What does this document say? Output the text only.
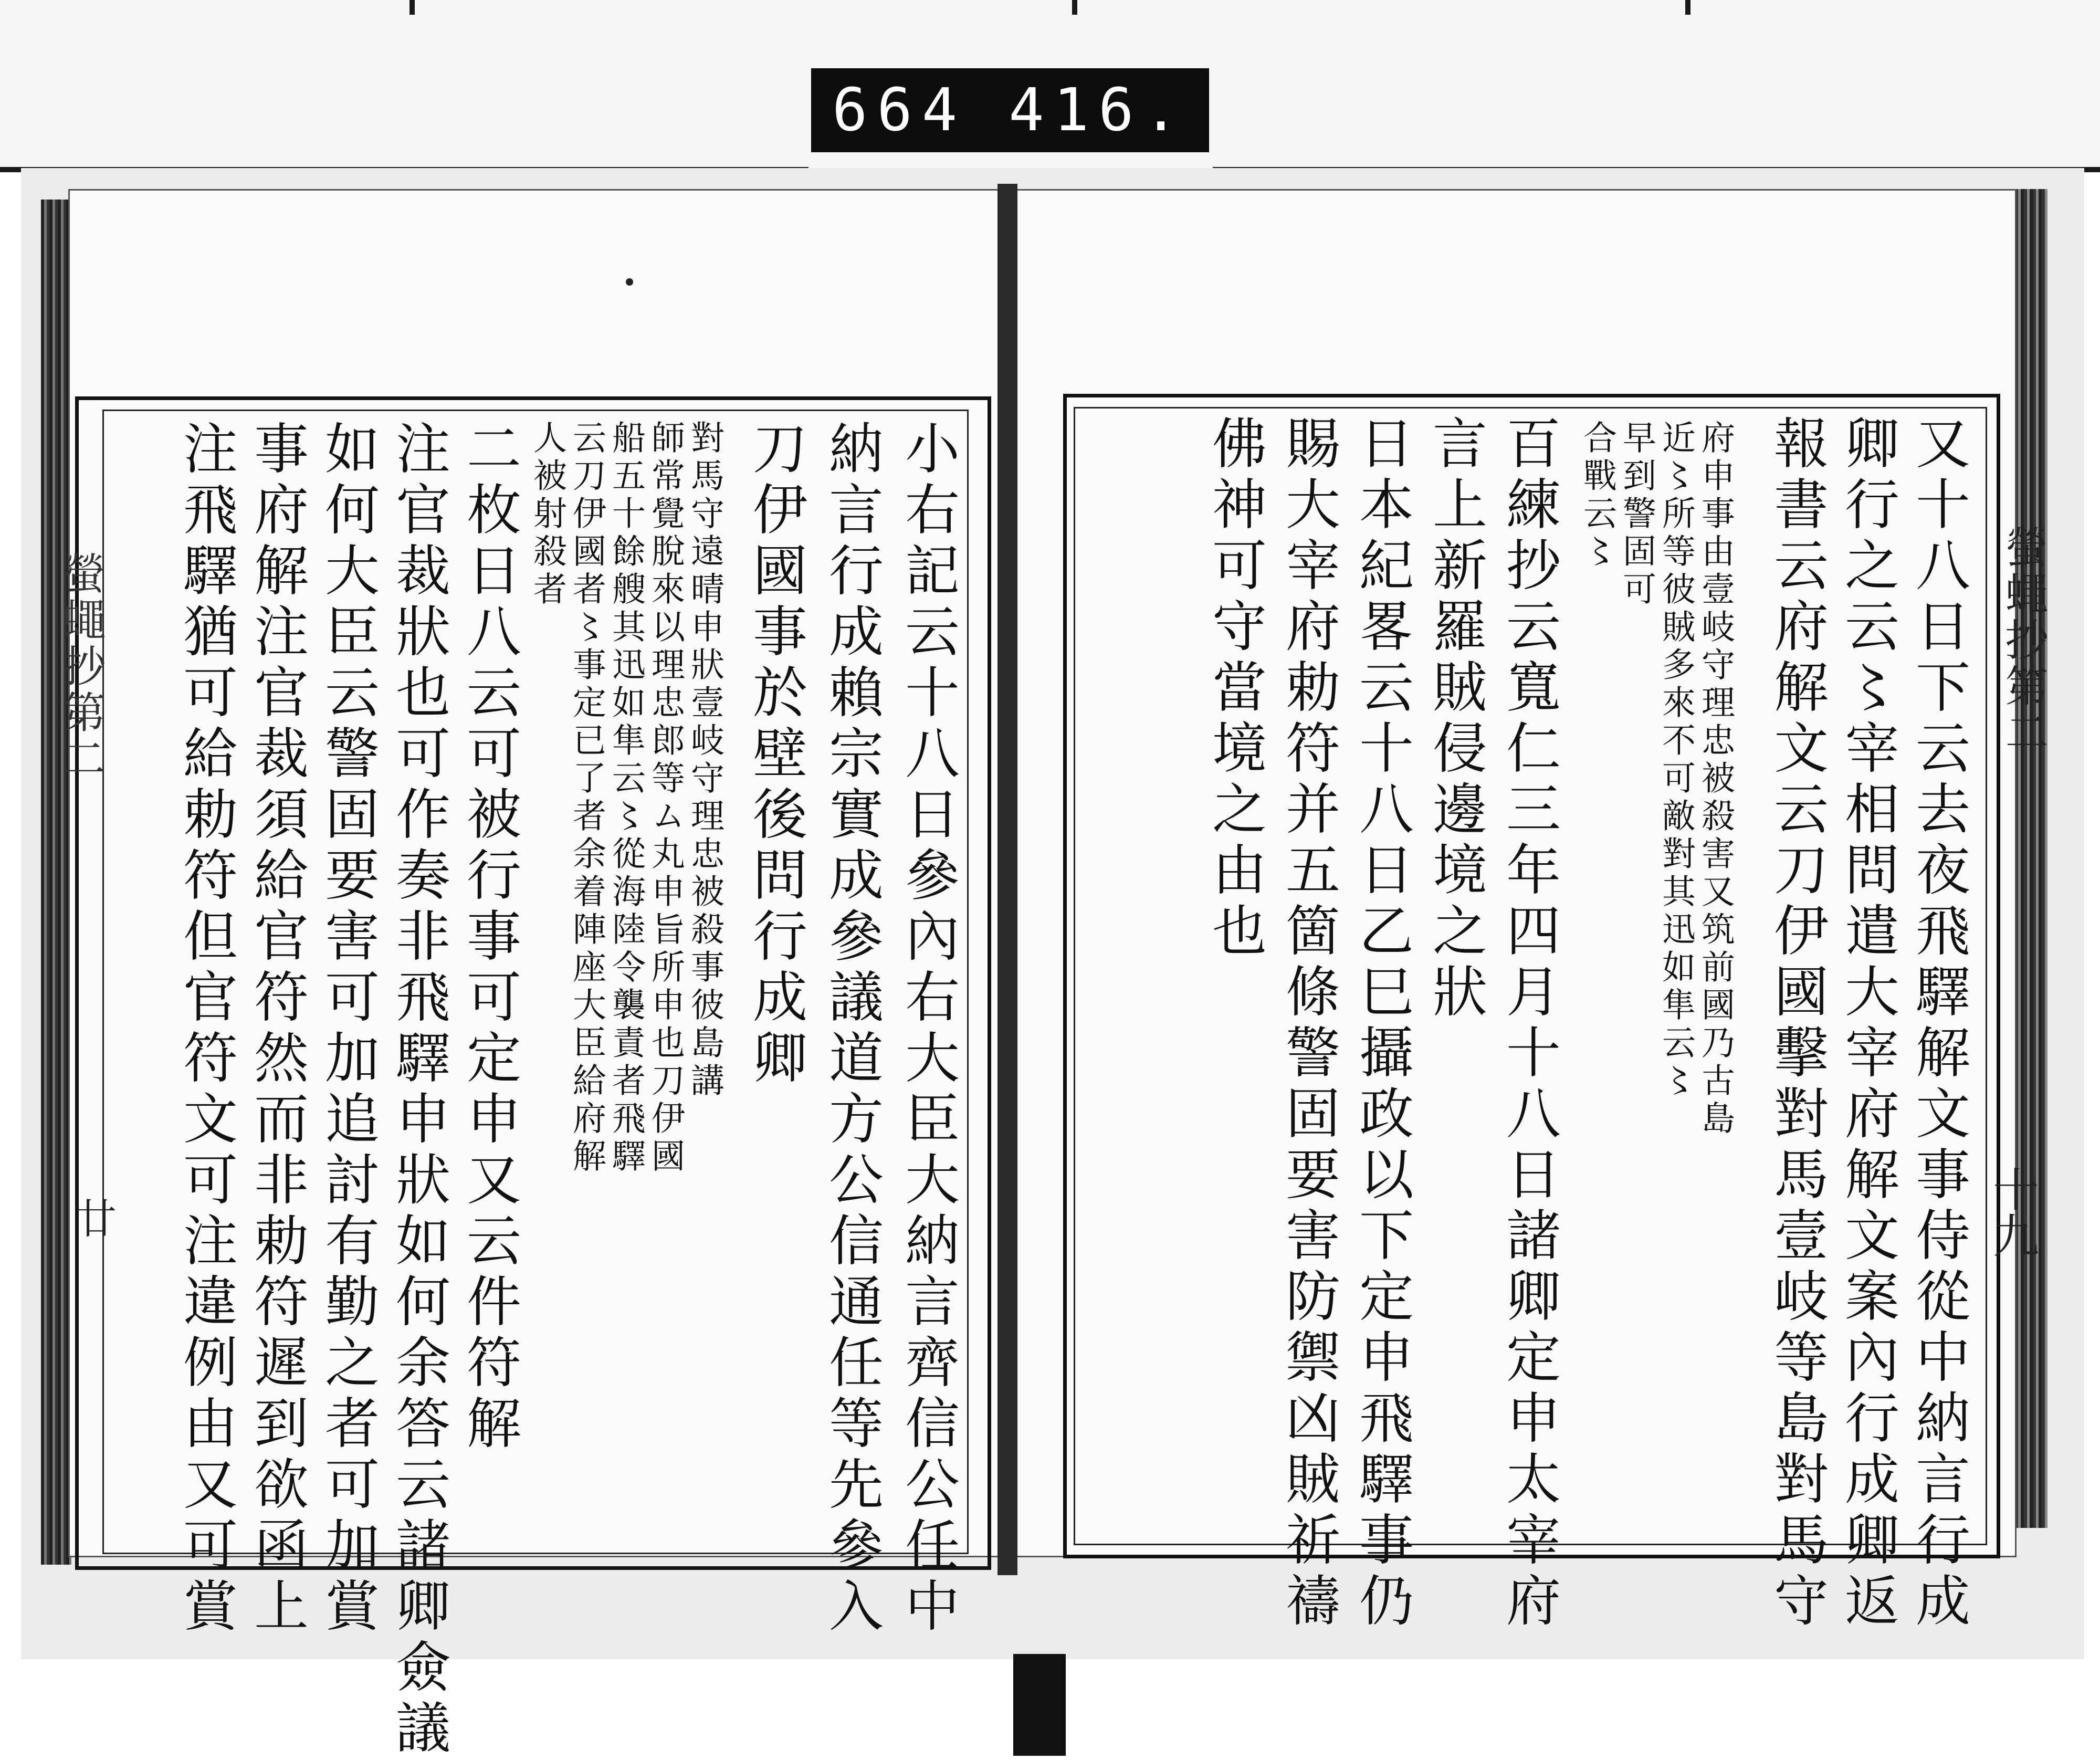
664 416.
螢蠅抄第二	螢蠅抄第二
廿	十九
又十八日下云去夜飛驛解文事侍從中納言行成
卿行之云〻宰相問遣大宰府解文案內行成卿返
報書云府解文云刀伊國擊對馬壹岐等島對馬守
府申事由壹岐守理忠被殺害又筑前國乃古島
近〻所等彼賊多來不可敵對其迅如隼云〻
早到警固可
合戰云〻
百練抄云寬仁三年四月十八日諸卿定申太宰府
言上新羅賊侵邊境之狀
日本紀畧云十八日乙巳攝政以下定申飛驛事仍
賜大宰府勅符并五箇條警固要害防禦凶賊祈禱
佛神可守當境之由也
小右記云十八日參內右大臣大納言齊信公任中
納言行成賴宗實成參議道方公信通任等先參入
刀伊國事於壁後問行成卿
對馬守遠晴申狀壹岐守理忠被殺事彼島講
師常覺脫來以理忠郎等ム丸申旨所申也刀伊國
船五十餘艘其迅如隼云〻從海陸令襲責者飛驛
云刀伊國者〻事定已了者余着陣座大臣給府解
人被射殺者
二枚日八云可被行事可定申又云件符解
注官裁狀也可作奏非飛驛申狀如何余答云諸卿僉議
如何大臣云警固要害可加追討有勤之者可加賞
事府解注官裁須給官符然而非勅符遲到欲函上
注飛驛猶可給勅符但官符文可注違例由又可賞
